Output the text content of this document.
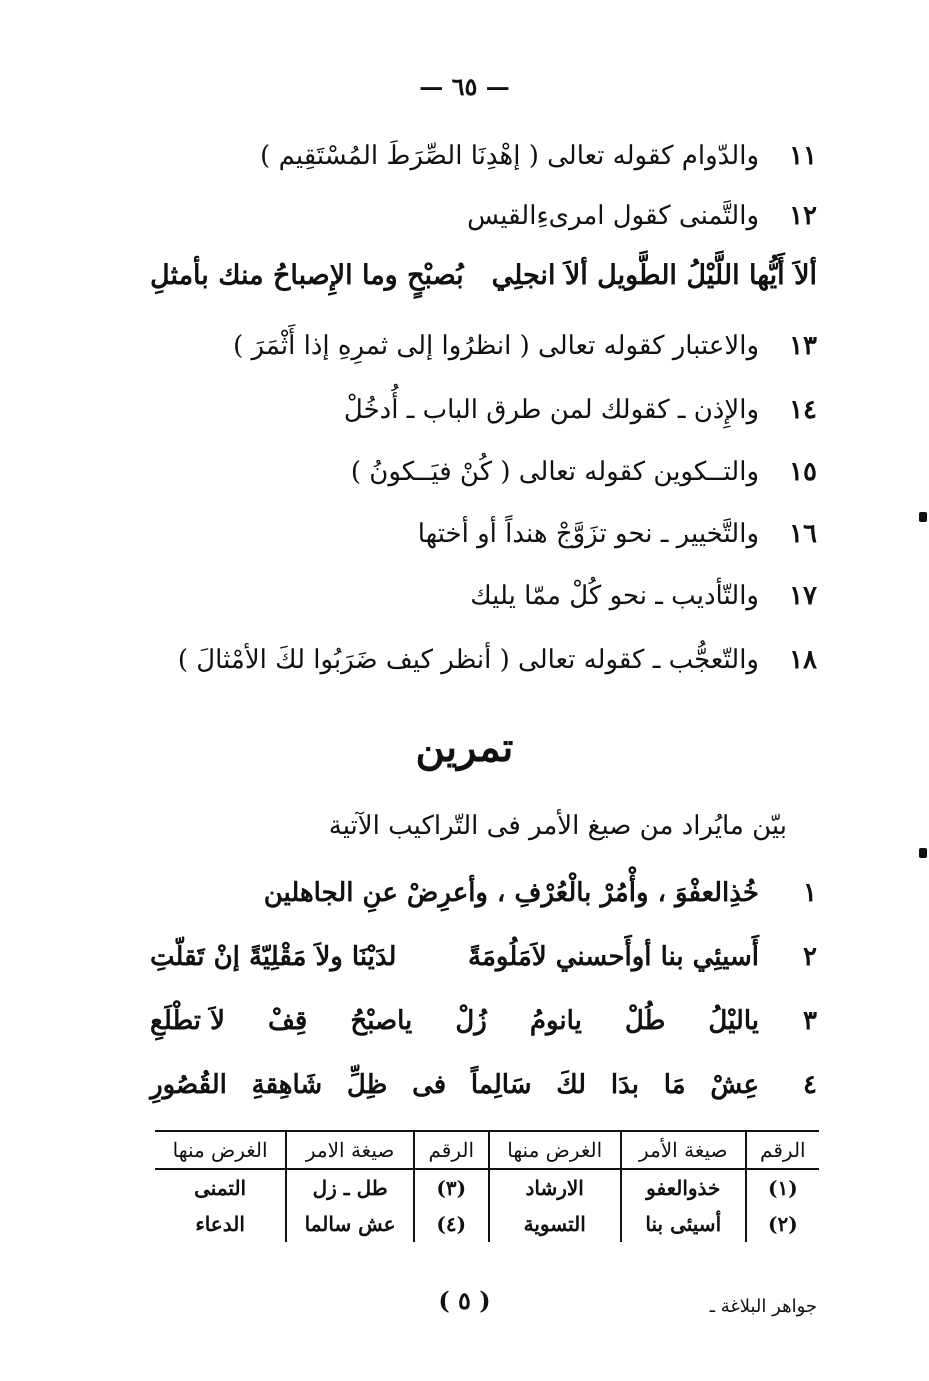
— ٦٥ —
١١والدّوام كقوله تعالى ( إهْدِنَا الصِّرَطَ المُسْتَقِيم )
١٢والتَّمنى كقول امرىءِالقيس
ألاَ أَيُّها اللَّيْلُ الطَّويل ألاَ انجلِي
بُصبْحٍ وما الإِصباحُ منك بأمثلِ
١٣والاعتبار كقوله تعالى ( انظرُوا إلى ثمرِهِ إذا أَثْمَرَ )
١٤والإِذن ـ كقولك لمن طرق الباب ـ أُدخُلْ
١٥والتــكوين كقوله تعالى ( كُنْ فيَــكونُ )
١٦والتَّخيير ـ نحو تزَوَّجْ هنداً أو أختها
١٧والتّأديب ـ نحو كُلْ ممّا يليك
١٨والتّعجُّب ـ كقوله تعالى ( أنظر كيف ضَرَبُوا لكَ الأمْثالَ )
تمرين
بيّن مايُراد من صيغ الأمر فى التّراكيب الآتية
١
خُذِالعفْوَ ، وأْمُرْ بالْعُرْفِ ، وأعرِضْ عنِ الجاهلين
٢
أَسيئِي بنا أوأَحسني لاَمَلُومَةً
لدَيْنَا ولاَ مَقْلِيّةً إنْ تَقلّتِ
٣
ياليْلُ
طُلْ
يانومُ
زُلْ
ياصبْحُ
قِفْ
لاَ تطْلَعِ
٤
عِشْ
مَا
بدَا
لكَ
سَالِماً
فى
ظِلِّ
شَاهِقةِ
القُصُورِ
الرقم	صيغة الأمر	الغرض منها	الرقم	صيغة الامر	الغرض منها
(١)	خذوالعفو	الارشاد	(٣)	طل ـ زل	التمنى
(٢)	أسيئى بنا	التسوية	(٤)	عش سالما	الدعاء
( ٥ )	جواهر البلاغة ـ
